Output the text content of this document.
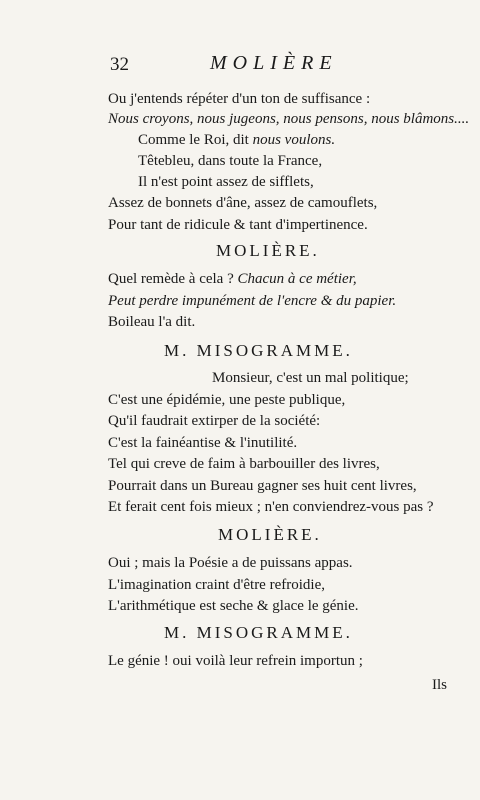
32	MOLIÈRE
Ou j'entends répéter d'un ton de suffisance :
Nous croyons, nous jugeons, nous pensons, nous blâmons....
Comme le Roi, dit nous voulons.
Têtebleu, dans toute la France,
Il n'est point assez de sifflets,
Assez de bonnets d'âne, assez de camouflets,
Pour tant de ridicule & tant d'impertinence.
MOLIÈRE.
Quel remède à cela ? Chacun à ce métier,
Peut perdre impunément de l'encre & du papier.
Boileau l'a dit.
M. MISOGRAMME.
Monsieur, c'est un mal politique;
C'est une épidémie, une peste publique,
Qu'il faudrait extirper de la société:
C'est la fainéantise & l'inutilité.
Tel qui creve de faim à barbouiller des livres,
Pourrait dans un Bureau gagner ses huit cent livres,
Et ferait cent fois mieux ; n'en conviendrez-vous pas ?
MOLIÈRE.
Oui ; mais la Poésie a de puissans appas.
L'imagination craint d'être refroidie,
L'arithmétique est seche & glace le génie.
M. MISOGRAMME.
Le génie ! oui voilà leur refrein importun ;
Ils
